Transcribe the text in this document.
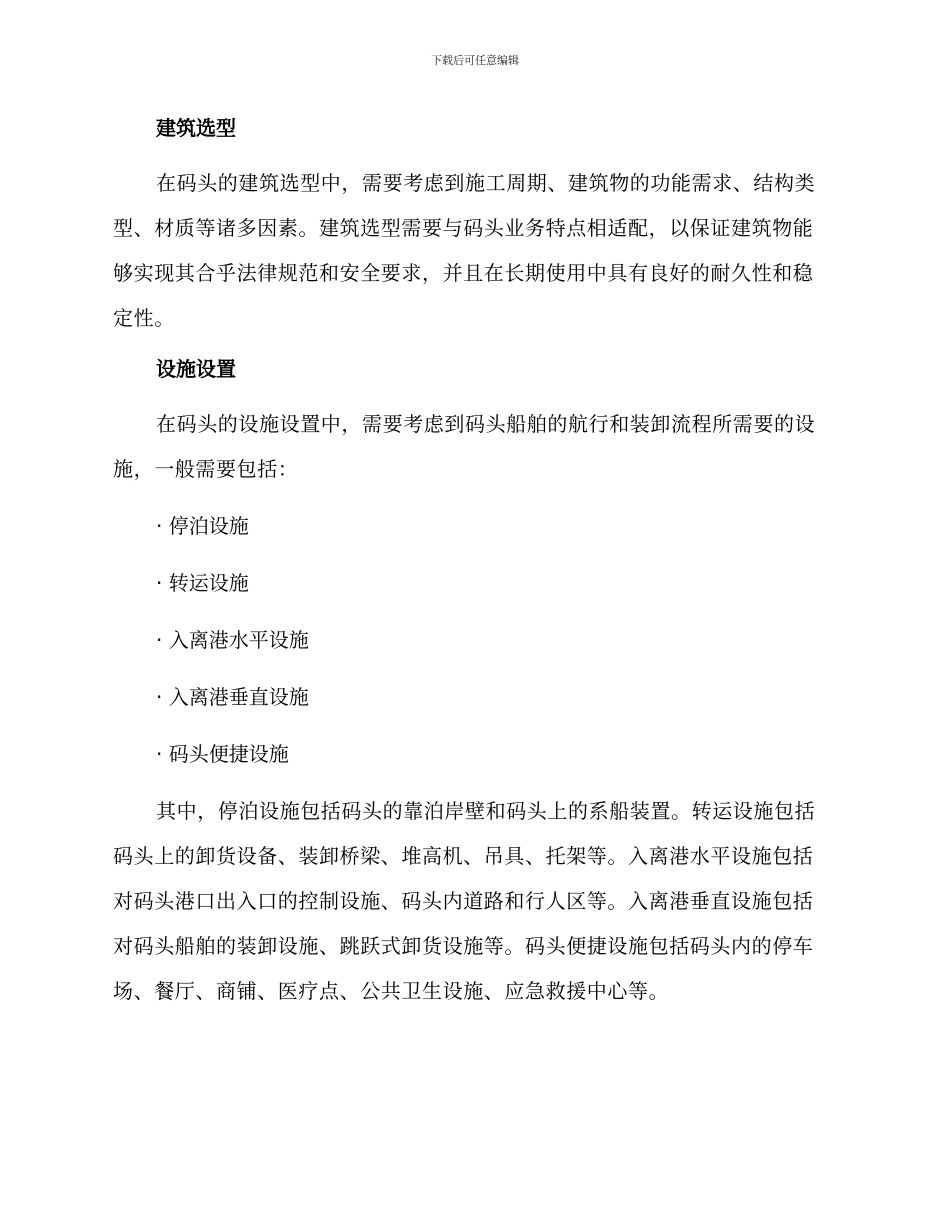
下载后可任意编辑
建筑选型

在码头的建筑选型中，需要考虑到施工周期、建筑物的功能需求、结构类型、材质等诸多因素。建筑选型需要与码头业务特点相适配，以保证建筑物能够实现其合乎法律规范和安全要求，并且在长期使用中具有良好的耐久性和稳定性。

设施设置

在码头的设施设置中，需要考虑到码头船舶的航行和装卸流程所需要的设施，一般需要包括：

· 停泊设施

· 转运设施

· 入离港水平设施

· 入离港垂直设施

· 码头便捷设施

其中，停泊设施包括码头的靠泊岸壁和码头上的系船装置。转运设施包括码头上的卸货设备、装卸桥梁、堆高机、吊具、托架等。入离港水平设施包括对码头港口出入口的控制设施、码头内道路和行人区等。入离港垂直设施包括对码头船舶的装卸设施、跳跃式卸货设施等。码头便捷设施包括码头内的停车场、餐厅、商铺、医疗点、公共卫生设施、应急救援中心等。
